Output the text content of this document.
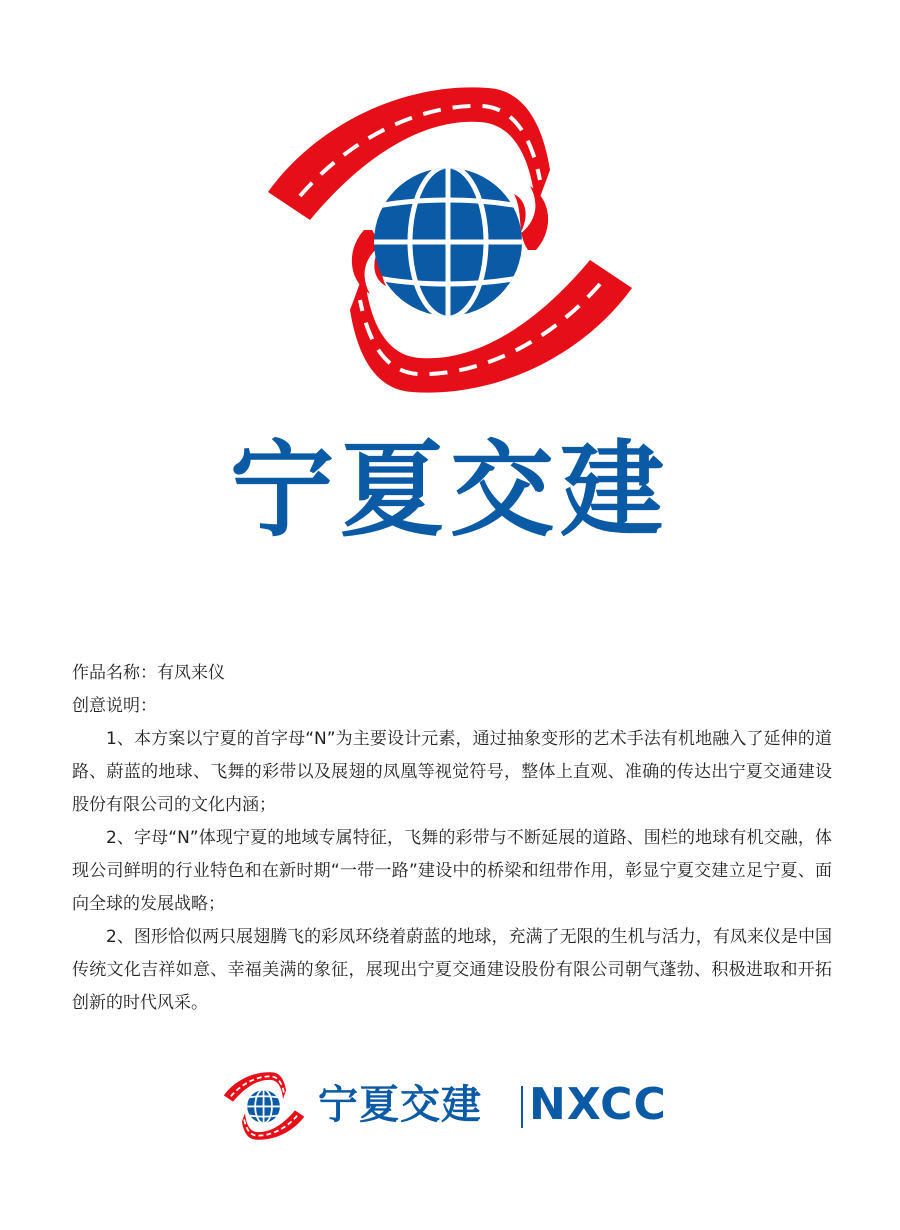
宁夏交建

作品名称：有凤来仪

创意说明：

1、本方案以宁夏的首字母“N”为主要设计元素，通过抽象变形的艺术手法有机地融入了延伸的道路、蔚蓝的地球、飞舞的彩带以及展翅的凤凰等视觉符号，整体上直观、准确的传达出宁夏交通建设股份有限公司的文化内涵；

2、字母“N”体现宁夏的地域专属特征，飞舞的彩带与不断延展的道路、围栏的地球有机交融，体现公司鲜明的行业特色和在新时期“一带一路”建设中的桥梁和纽带作用，彰显宁夏交建立足宁夏、面向全球的发展战略；

2、图形恰似两只展翅腾飞的彩凤环绕着蔚蓝的地球，充满了无限的生机与活力，有凤来仪是中国传统文化吉祥如意、幸福美满的象征，展现出宁夏交通建设股份有限公司朝气蓬勃、积极进取和开拓创新的时代风采。

宁夏交建 NXCC
